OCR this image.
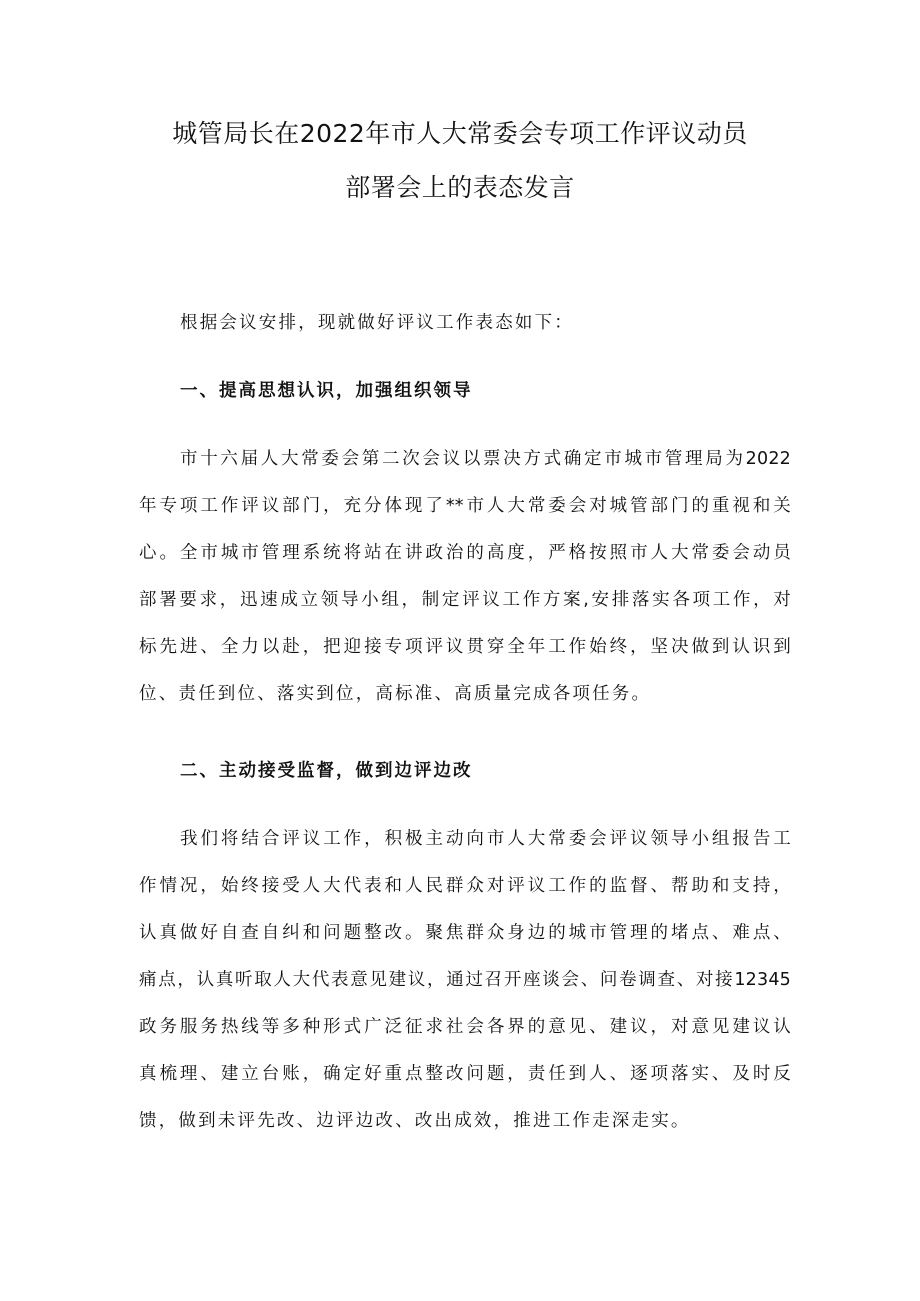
城管局长在2022年市人大常委会专项工作评议动员
部署会上的表态发言
根据会议安排，现就做好评议工作表态如下：
一、提高思想认识，加强组织领导
市十六届人大常委会第二次会议以票决方式确定市城市管理局为2022
年专项工作评议部门，充分体现了**市人大常委会对城管部门的重视和关
心。全市城市管理系统将站在讲政治的高度，严格按照市人大常委会动员
部署要求，迅速成立领导小组，制定评议工作方案,安排落实各项工作，对
标先进、全力以赴，把迎接专项评议贯穿全年工作始终，坚决做到认识到
位、责任到位、落实到位，高标准、高质量完成各项任务。
二、主动接受监督，做到边评边改
我们将结合评议工作，积极主动向市人大常委会评议领导小组报告工
作情况，始终接受人大代表和人民群众对评议工作的监督、帮助和支持，
认真做好自查自纠和问题整改。聚焦群众身边的城市管理的堵点、难点、
痛点，认真听取人大代表意见建议，通过召开座谈会、问卷调查、对接12345
政务服务热线等多种形式广泛征求社会各界的意见、建议，对意见建议认
真梳理、建立台账，确定好重点整改问题，责任到人、逐项落实、及时反
馈，做到未评先改、边评边改、改出成效，推进工作走深走实。
